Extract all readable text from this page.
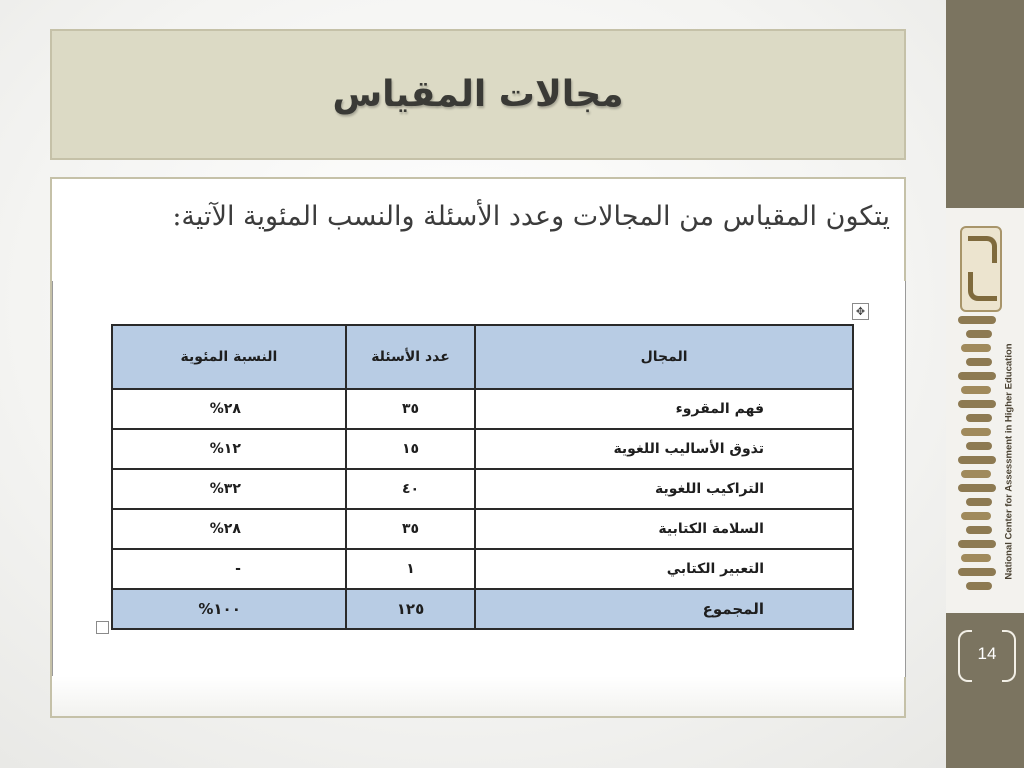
National Center for Assessment in Higher Education
14
مجالات المقياس
يتكون المقياس من المجالات وعدد الأسئلة والنسب المئوية الآتية:
✥
المجال	عدد الأسئلة	النسبة المئوية
فهم المقروء	٣٥	٢٨%
تذوق الأساليب اللغوية	١٥	١٢%
التراكيب اللغوية	٤٠	٣٢%
السلامة الكتابية	٣٥	٢٨%
التعبير الكتابي	١	-
المجموع	١٢٥	١٠٠%
